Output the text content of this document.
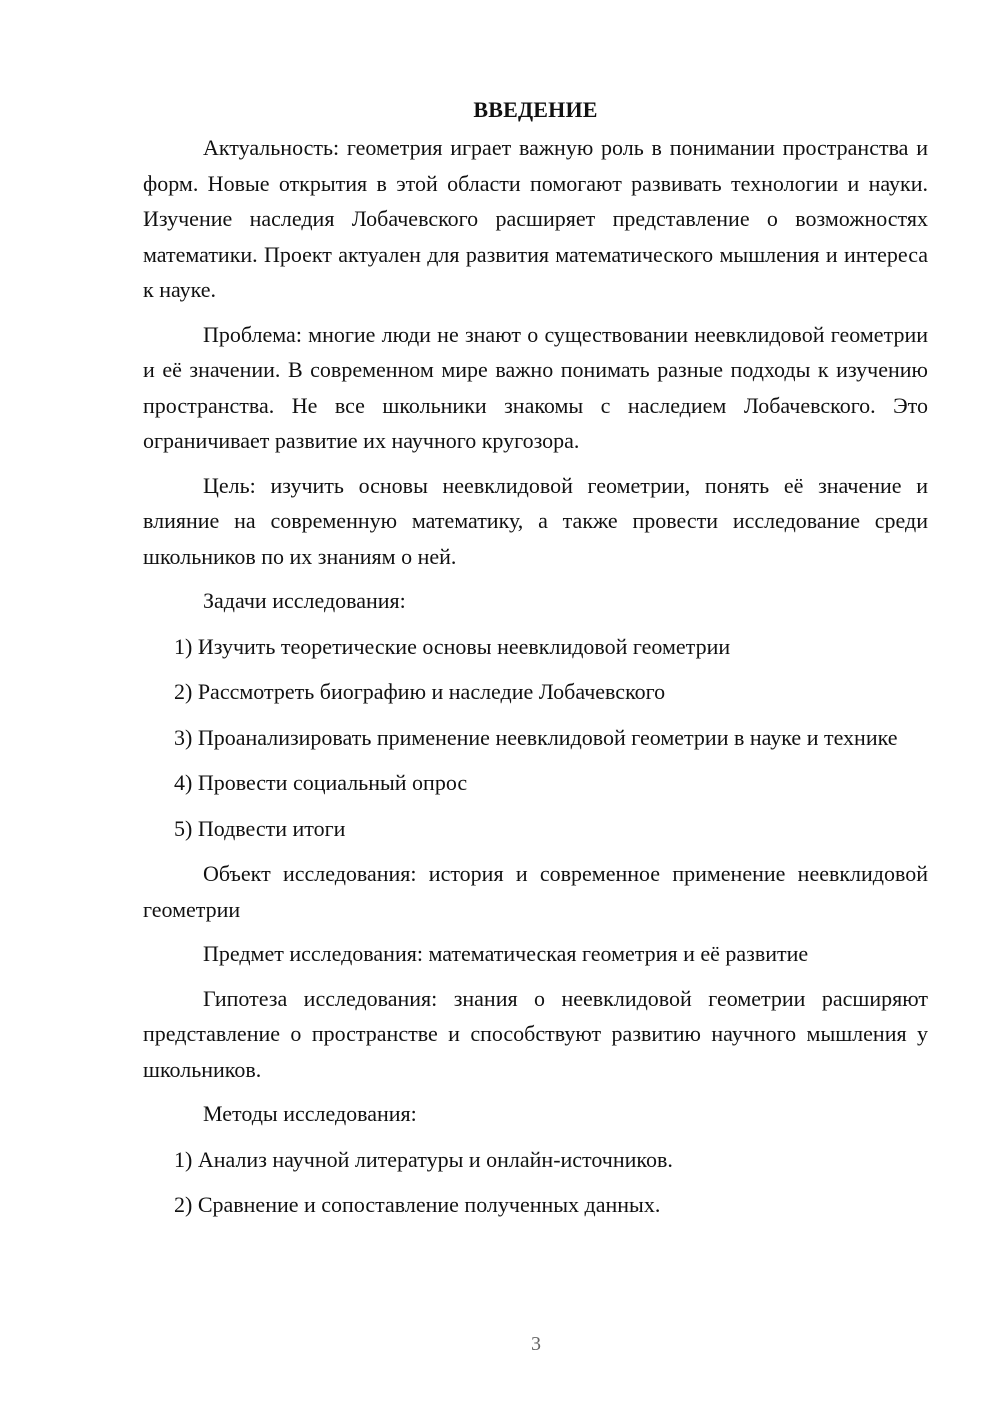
ВВЕДЕНИЕ

Актуальность: геометрия играет важную роль в понимании пространства и форм. Новые открытия в этой области помогают развивать технологии и науки. Изучение наследия Лобачевского расширяет представление о возможностях математики. Проект актуален для развития математического мышления и интереса к науке.

Проблема: многие люди не знают о существовании неевклидовой геометрии и её значении. В современном мире важно понимать разные подходы к изучению пространства. Не все школьники знакомы с наследием Лобачевского. Это ограничивает развитие их научного кругозора.

Цель: изучить основы неевклидовой геометрии, понять её значение и влияние на современную математику, а также провести исследование среди школьников по их знаниям о ней.

Задачи исследования:

1) Изучить теоретические основы неевклидовой геометрии

2) Рассмотреть биографию и наследие Лобачевского

3) Проанализировать применение неевклидовой геометрии в науке и технике

4) Провести социальный опрос

5) Подвести итоги

Объект исследования: история и современное применение неевклидовой геометрии

Предмет исследования: математическая геометрия и её развитие

Гипотеза исследования: знания о неевклидовой геометрии расширяют представление о пространстве и способствуют развитию научного мышления у школьников.

Методы исследования:

1) Анализ научной литературы и онлайн-источников.

2) Сравнение и сопоставление полученных данных.

3
